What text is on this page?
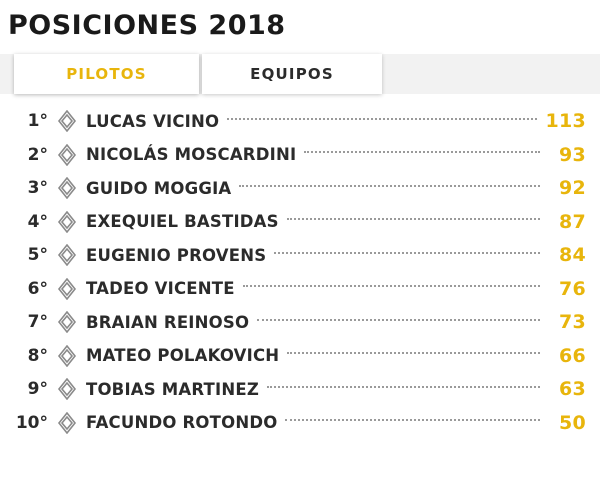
POSICIONES 2018
PILOTOS	EQUIPOS
1°	LUCAS VICINO	113
2°	NICOLÁS MOSCARDINI	93
3°	GUIDO MOGGIA	92
4°	EXEQUIEL BASTIDAS	87
5°	EUGENIO PROVENS	84
6°	TADEO VICENTE	76
7°	BRAIAN REINOSO	73
8°	MATEO POLAKOVICH	66
9°	TOBIAS MARTINEZ	63
10°	FACUNDO ROTONDO	50
